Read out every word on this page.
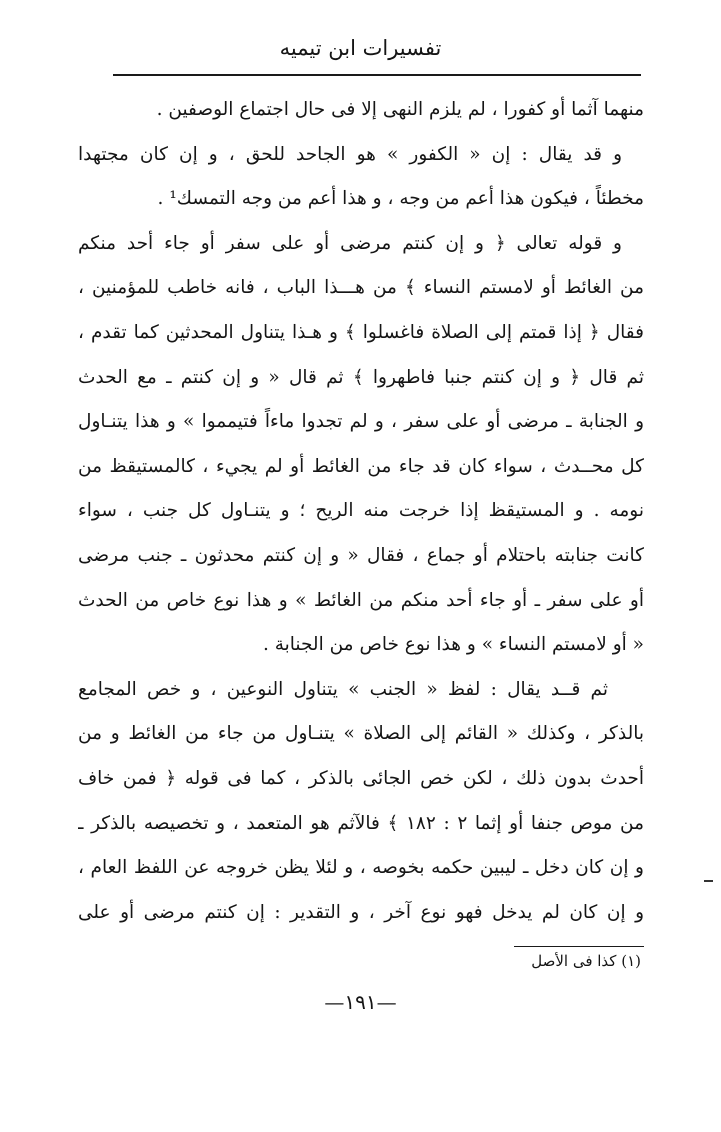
تفسيرات ابن تيميه
منهما آثما أو كفورا ، لم يلزم النهى إلا فى حال اجتماع الوصفين .
و قد يقال : إن « الكفور » هو الجاحد للحق ، و إن كان مجتهدا
مخطئاً ، فيكون هذا أعم من وجه ، و هذا أعم من وجه التمسك¹ .
و قوله تعالى ﴿ و إن كنتم مرضى أو على سفر أو جاء أحد منكم
من الغائط أو لامستم النساء ﴾ من هـــذا الباب ، فانه خاطب للمؤمنين ،
فقال ﴿ إذا قمتم إلى الصلاة فاغسلوا ﴾ و هـذا يتناول المحدثين كما تقدم ،
ثم قال ﴿ و إن كنتم جنبا فاطهروا ﴾ ثم قال « و إن كنتم ـ مع الحدث
و الجنابة ـ مرضى أو على سفر ، و لم تجدوا ماءاً فتيمموا » و هذا يتنـاول
كل محــدث ، سواء كان قد جاء من الغائط أو لم يجيء ، كالمستيقظ من
نومه . و المستيقظ إذا خرجت منه الريح ؛ و يتنـاول كل جنب ، سواء
كانت جنابته باحتلام أو جماع ، فقال « و إن كنتم محدثون ـ جنب مرضى
أو على سفر ـ أو جاء أحد منكم من الغائط » و هذا نوع خاص من الحدث
« أو لامستم النساء » و هذا نوع خاص من الجنابة .
ثم قــد يقال : لفظ « الجنب » يتناول النوعين ، و خص المجامع
بالذكر ، وكذلك « القائم إلى الصلاة » يتنـاول من جاء من الغائط و من
أحدث بدون ذلك ، لكن خص الجائى بالذكر ، كما فى قوله ﴿ فمن خاف
من موص جنفا أو إثما ٢ : ١٨٢ ﴾ فالآثم هو المتعمد ، و تخصيصه بالذكر ـ
و إن كان دخل ـ ليبين حكمه بخوصه ، و لئلا يظن خروجه عن اللفظ العام ،
و إن كان لم يدخل فهو نوع آخر ، و التقدير : إن كنتم مرضى أو على
(١) كذا فى الأصل
—١٩١—
